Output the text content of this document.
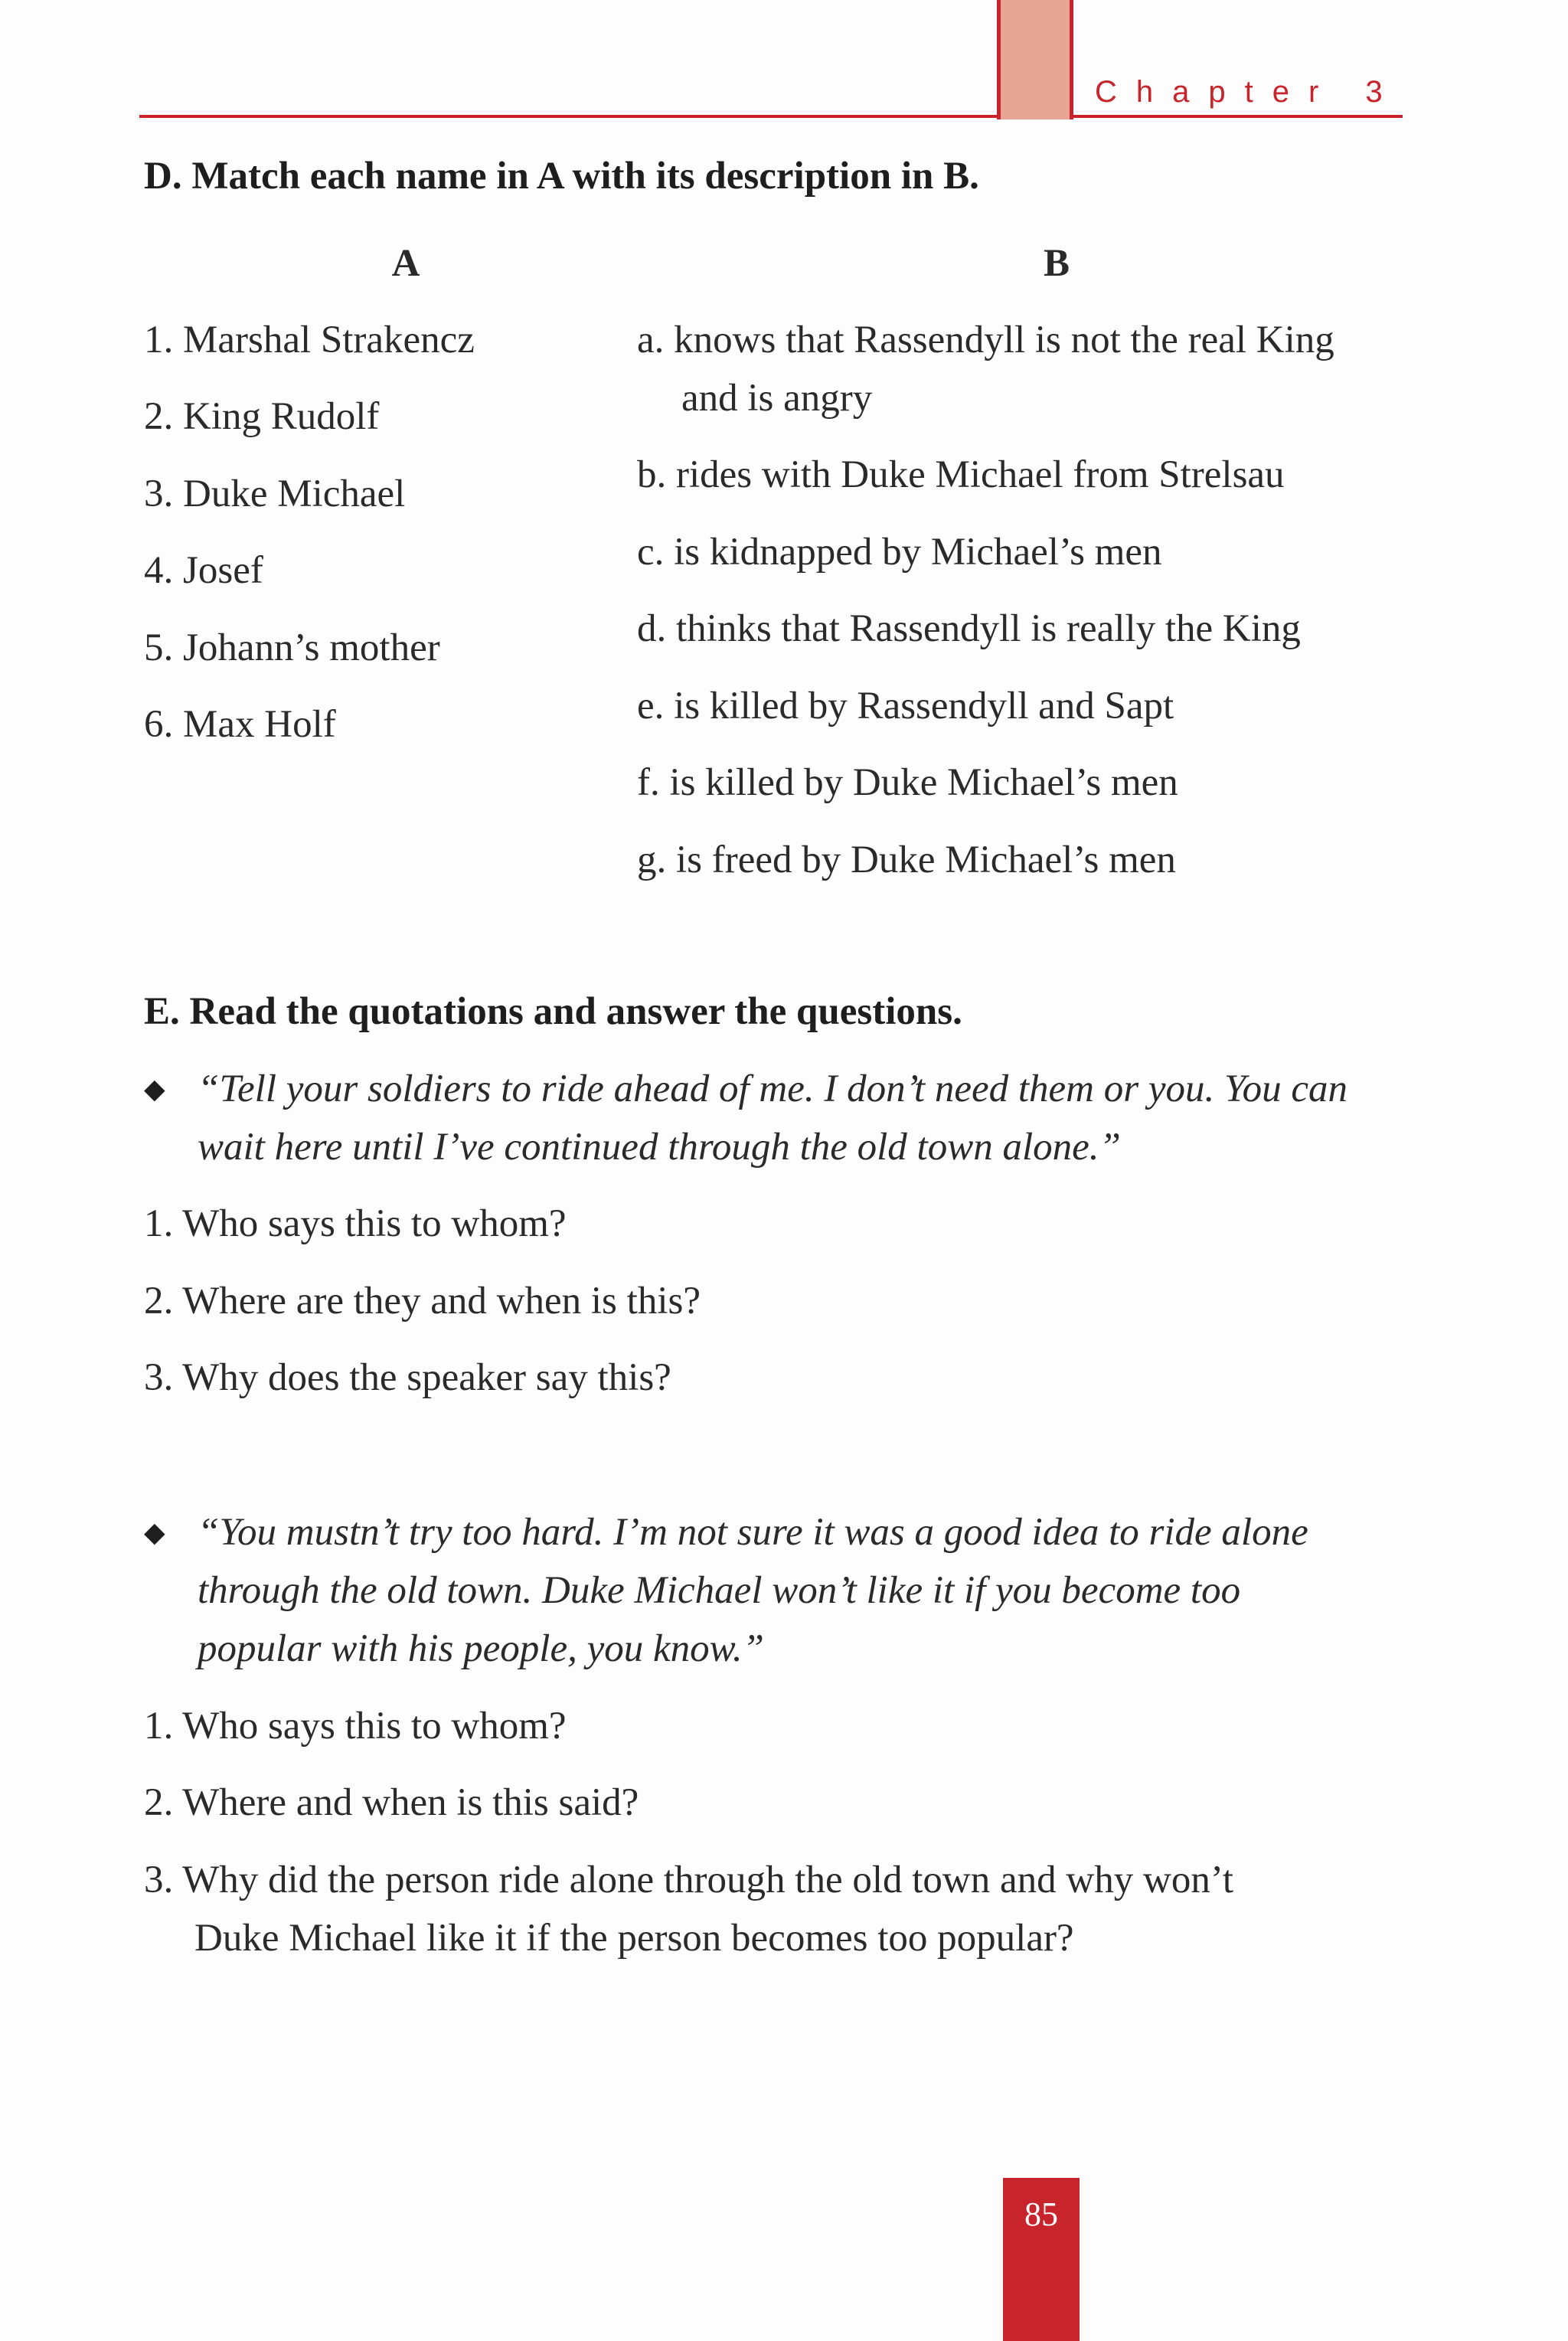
Chapter 3
D. Match each name in A with its description in B.
A	B
1. Marshal Strakencz
2. King Rudolf
3. Duke Michael
4. Josef
5. Johann’s mother
6. Max Holf
a. knows that Rassendyll is not the real King
and is angry
b. rides with Duke Michael from Strelsau
c. is kidnapped by Michael’s men
d. thinks that Rassendyll is really the King
e. is killed by Rassendyll and Sapt
f. is killed by Duke Michael’s men
g. is freed by Duke Michael’s men
E. Read the quotations and answer the questions.
◆ “Tell your soldiers to ride ahead of me. I don’t need them or you. You can
wait here until I’ve continued through the old town alone.”
1. Who says this to whom?
2. Where are they and when is this?
3. Why does the speaker say this?
◆ “You mustn’t try too hard. I’m not sure it was a good idea to ride alone
through the old town. Duke Michael won’t like it if you become too
popular with his people, you know.”
1. Who says this to whom?
2. Where and when is this said?
3. Why did the person ride alone through the old town and why won’t
Duke Michael like it if the person becomes too popular?
85
